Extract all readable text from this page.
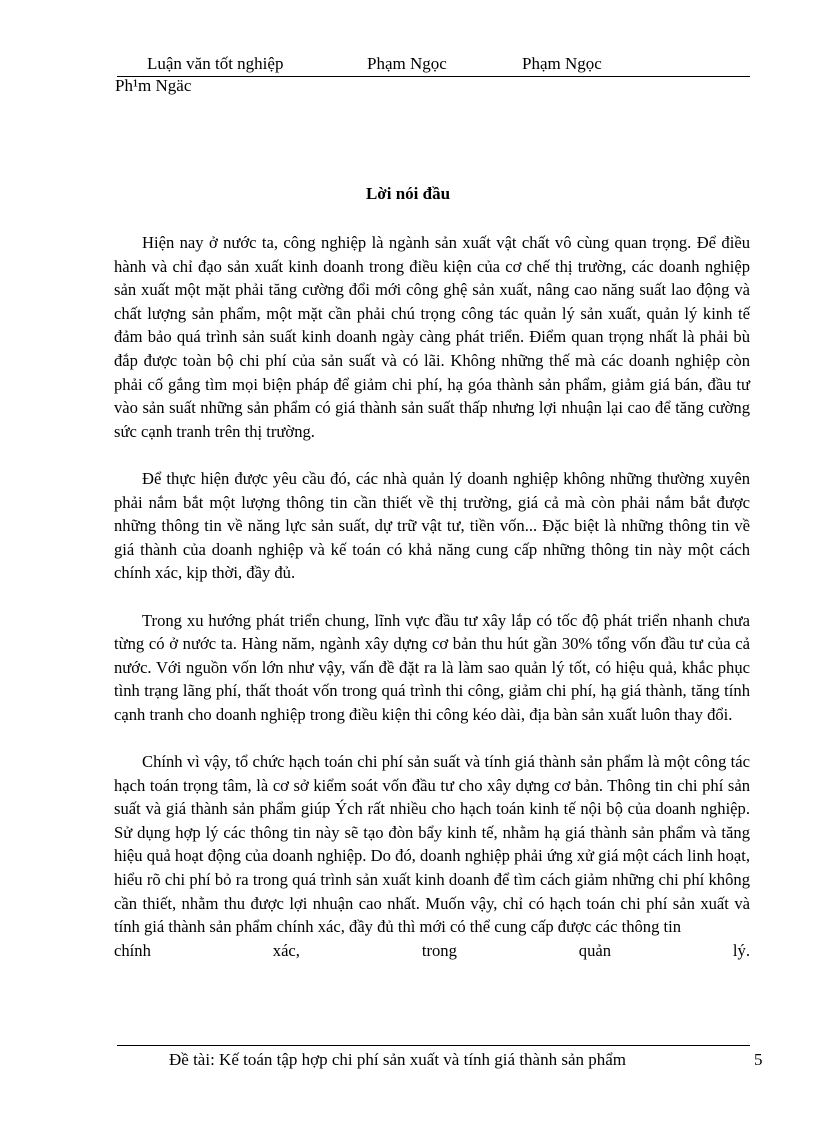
Luận văn tốt nghiệp	Phạm Ngọc	Phạm Ngọc
Ph¹m Ngäc
Lời nói đầu

Hiện nay ở nước ta, công nghiệp là ngành sản xuất vật chất vô cùng quan trọng. Để điều hành và chỉ đạo sản xuất kinh doanh trong điều kiện của cơ chế thị trường, các doanh nghiệp sản xuất một mặt phải tăng cường đổi mới công ghệ sản xuất, nâng cao năng suất lao động và chất lượng sản phẩm, một mặt cần phải chú trọng công tác quản lý sản xuất, quản lý kinh tế đảm bảo quá trình sản suất kinh doanh ngày càng phát triển. Điểm quan trọng nhất là phải bù đắp được toàn bộ chi phí của sản suất và có lãi. Không những thế mà các doanh nghiệp còn phải cố gắng tìm mọi biện pháp để giảm chi phí, hạ góa thành sản phẩm, giảm giá bán, đầu tư vào sản suất những sản phẩm có giá thành sản suất thấp nhưng lợi nhuận lại cao để tăng cường sức cạnh tranh trên thị trường.

Để thực hiện được yêu cầu đó, các nhà quản lý doanh nghiệp không những thường xuyên phải nắm bắt một lượng thông tin cần thiết về thị trường, giá cả mà còn phải nắm bắt được những thông tin về năng lực sản suất, dự trữ vật tư, tiền vốn... Đặc biệt là những thông tin về giá thành của doanh nghiệp và kế toán có khả năng cung cấp những thông tin này một cách chính xác, kịp thời, đầy đủ.

Trong xu hướng phát triển chung, lĩnh vực đầu tư xây lắp có tốc độ phát triển nhanh chưa từng có ở nước ta. Hàng năm, ngành xây dựng cơ bản thu hút gần 30% tổng vốn đầu tư của cả nước. Với nguồn vốn lớn như vậy, vấn đề đặt ra là làm sao quản lý tốt, có hiệu quả, khắc phục tình trạng lãng phí, thất thoát vốn trong quá trình thi công, giảm chi phí, hạ giá thành, tăng tính cạnh tranh cho doanh nghiệp trong điều kiện thi công kéo dài, địa bàn sản xuất luôn thay đổi.

Chính vì vậy, tổ chức hạch toán chi phí sản suất và tính giá thành sản phẩm là một công tác hạch toán trọng tâm, là cơ sở kiểm soát vốn đầu tư cho xây dựng cơ bản. Thông tin chi phí sản suất và giá thành sản phẩm giúp Ých rất nhiều cho hạch toán kinh tế nội bộ của doanh nghiệp. Sử dụng hợp lý các thông tin này sẽ tạo đòn bẩy kinh tế, nhằm hạ giá thành sản phẩm và tăng hiệu quả hoạt động của doanh nghiệp. Do đó, doanh nghiệp phải ứng xử giá một cách linh hoạt, hiểu rõ chi phí bỏ ra trong quá trình sản xuất kinh doanh để tìm cách giảm những chi phí không cần thiết, nhằm thu được lợi nhuận cao nhất. Muốn vậy, chỉ có hạch toán chi phí sản xuất và tính giá thành sản phẩm chính xác, đầy đủ thì mới có thể cung cấp được các thông tin

chính	xác,	trong	quản	lý.
Đề tài: Kế toán tập hợp chi phí sản xuất và tính giá thành sản phẩm	5
